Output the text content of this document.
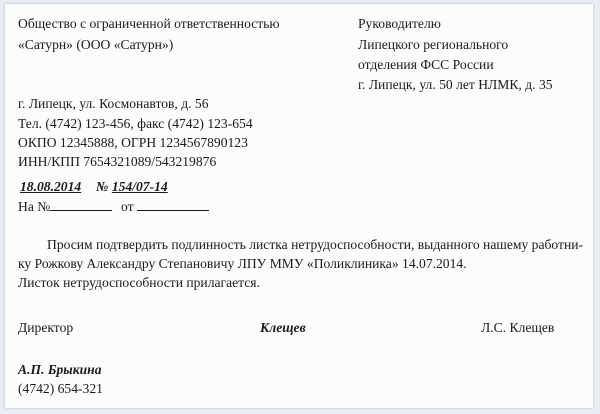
Общество с ограниченной ответственностью
«Сатурн» (ООО «Сатурн»)
Руководителю
Липецкого регионального
отделения ФСС России
г. Липецк, ул. 50 лет НЛМК, д. 35
г. Липецк, ул. Космонавтов, д. 56
Тел. (4742) 123-456, факс (4742) 123-654
ОКПО 12345888, ОГРН 1234567890123
ИНН/КПП 7654321089/543219876
18.08.2014 № 154/07-14
На №	от
Просим подтвердить подлинность листка нетрудоспособности, выданного нашему работни-
ку Рожкову Александру Степановичу ЛПУ ММУ «Поликлиника» 14.07.2014.
Листок нетрудоспособности прилагается.
Директор	Клещев	Л.С. Клещев
А.П. Брыкина
(4742) 654-321
